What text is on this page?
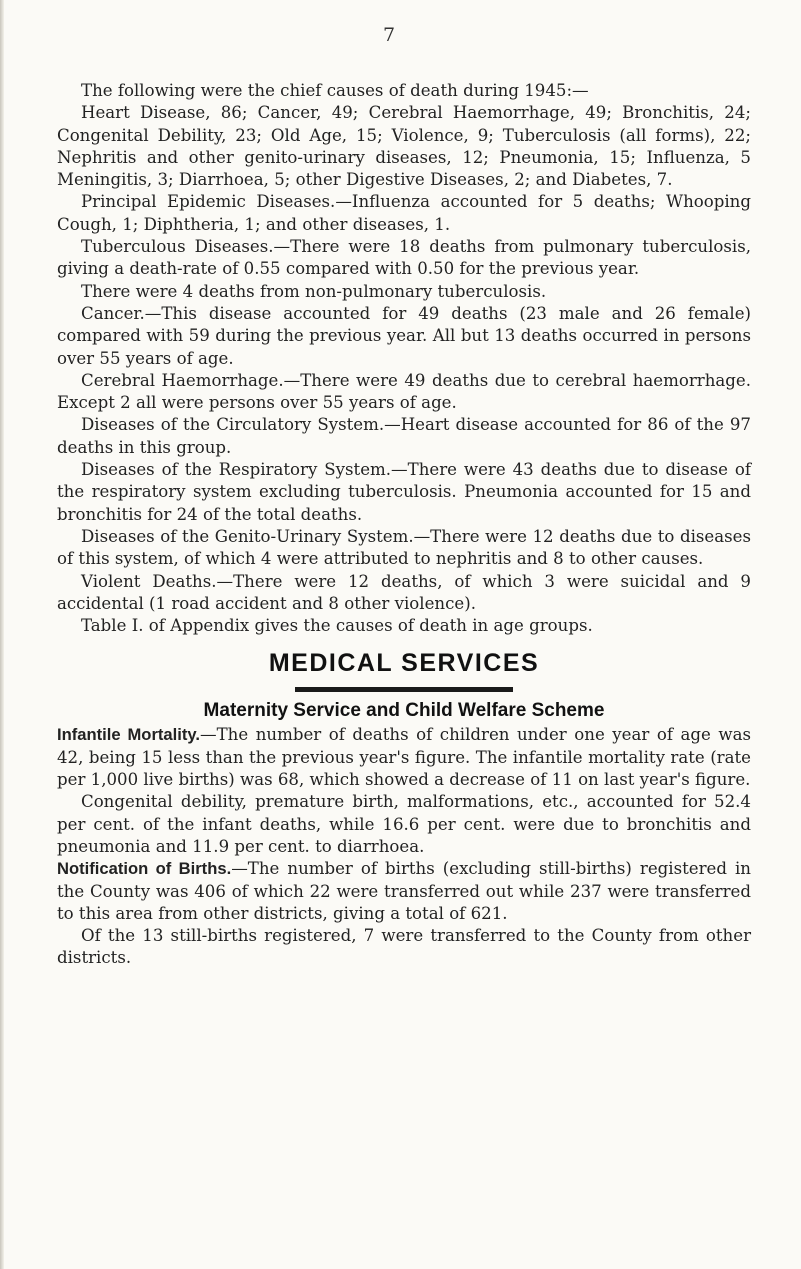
7

The following were the chief causes of death during 1945:—

Heart Disease, 86; Cancer, 49; Cerebral Haemorrhage, 49; Bronchitis, 24; Congenital Debility, 23; Old Age, 15; Violence, 9; Tuberculosis (all forms), 22; Nephritis and other genito-urinary diseases, 12; Pneumonia, 15; Influenza, 5 Meningitis, 3; Diarrhoea, 5; other Digestive Diseases, 2; and Diabetes, 7.

Principal Epidemic Diseases.—Influenza accounted for 5 deaths; Whooping Cough, 1; Diphtheria, 1; and other diseases, 1.

Tuberculous Diseases.—There were 18 deaths from pulmonary tuberculosis, giving a death-rate of 0.55 compared with 0.50 for the previous year.

There were 4 deaths from non-pulmonary tuberculosis.

Cancer.—This disease accounted for 49 deaths (23 male and 26 female) compared with 59 during the previous year. All but 13 deaths occurred in persons over 55 years of age.

Cerebral Haemorrhage.—There were 49 deaths due to cerebral haemorrhage. Except 2 all were persons over 55 years of age.

Diseases of the Circulatory System.—Heart disease accounted for 86 of the 97 deaths in this group.

Diseases of the Respiratory System.—There were 43 deaths due to disease of the respiratory system excluding tuberculosis. Pneumonia accounted for 15 and bronchitis for 24 of the total deaths.

Diseases of the Genito-Urinary System.—There were 12 deaths due to diseases of this system, of which 4 were attributed to nephritis and 8 to other causes.

Violent Deaths.—There were 12 deaths, of which 3 were suicidal and 9 accidental (1 road accident and 8 other violence).

Table I. of Appendix gives the causes of death in age groups.

MEDICAL SERVICES
Maternity Service and Child Welfare Scheme

Infantile Mortality.—The number of deaths of children under one year of age was 42, being 15 less than the previous year's figure. The infantile mortality rate (rate per 1,000 live births) was 68, which showed a decrease of 11 on last year's figure.

Congenital debility, premature birth, malformations, etc., accounted for 52.4 per cent. of the infant deaths, while 16.6 per cent. were due to bronchitis and pneumonia and 11.9 per cent. to diarrhoea.

Notification of Births.—The number of births (excluding still-births) registered in the County was 406 of which 22 were transferred out while 237 were transferred to this area from other districts, giving a total of 621.

Of the 13 still-births registered, 7 were transferred to the County from other districts.
